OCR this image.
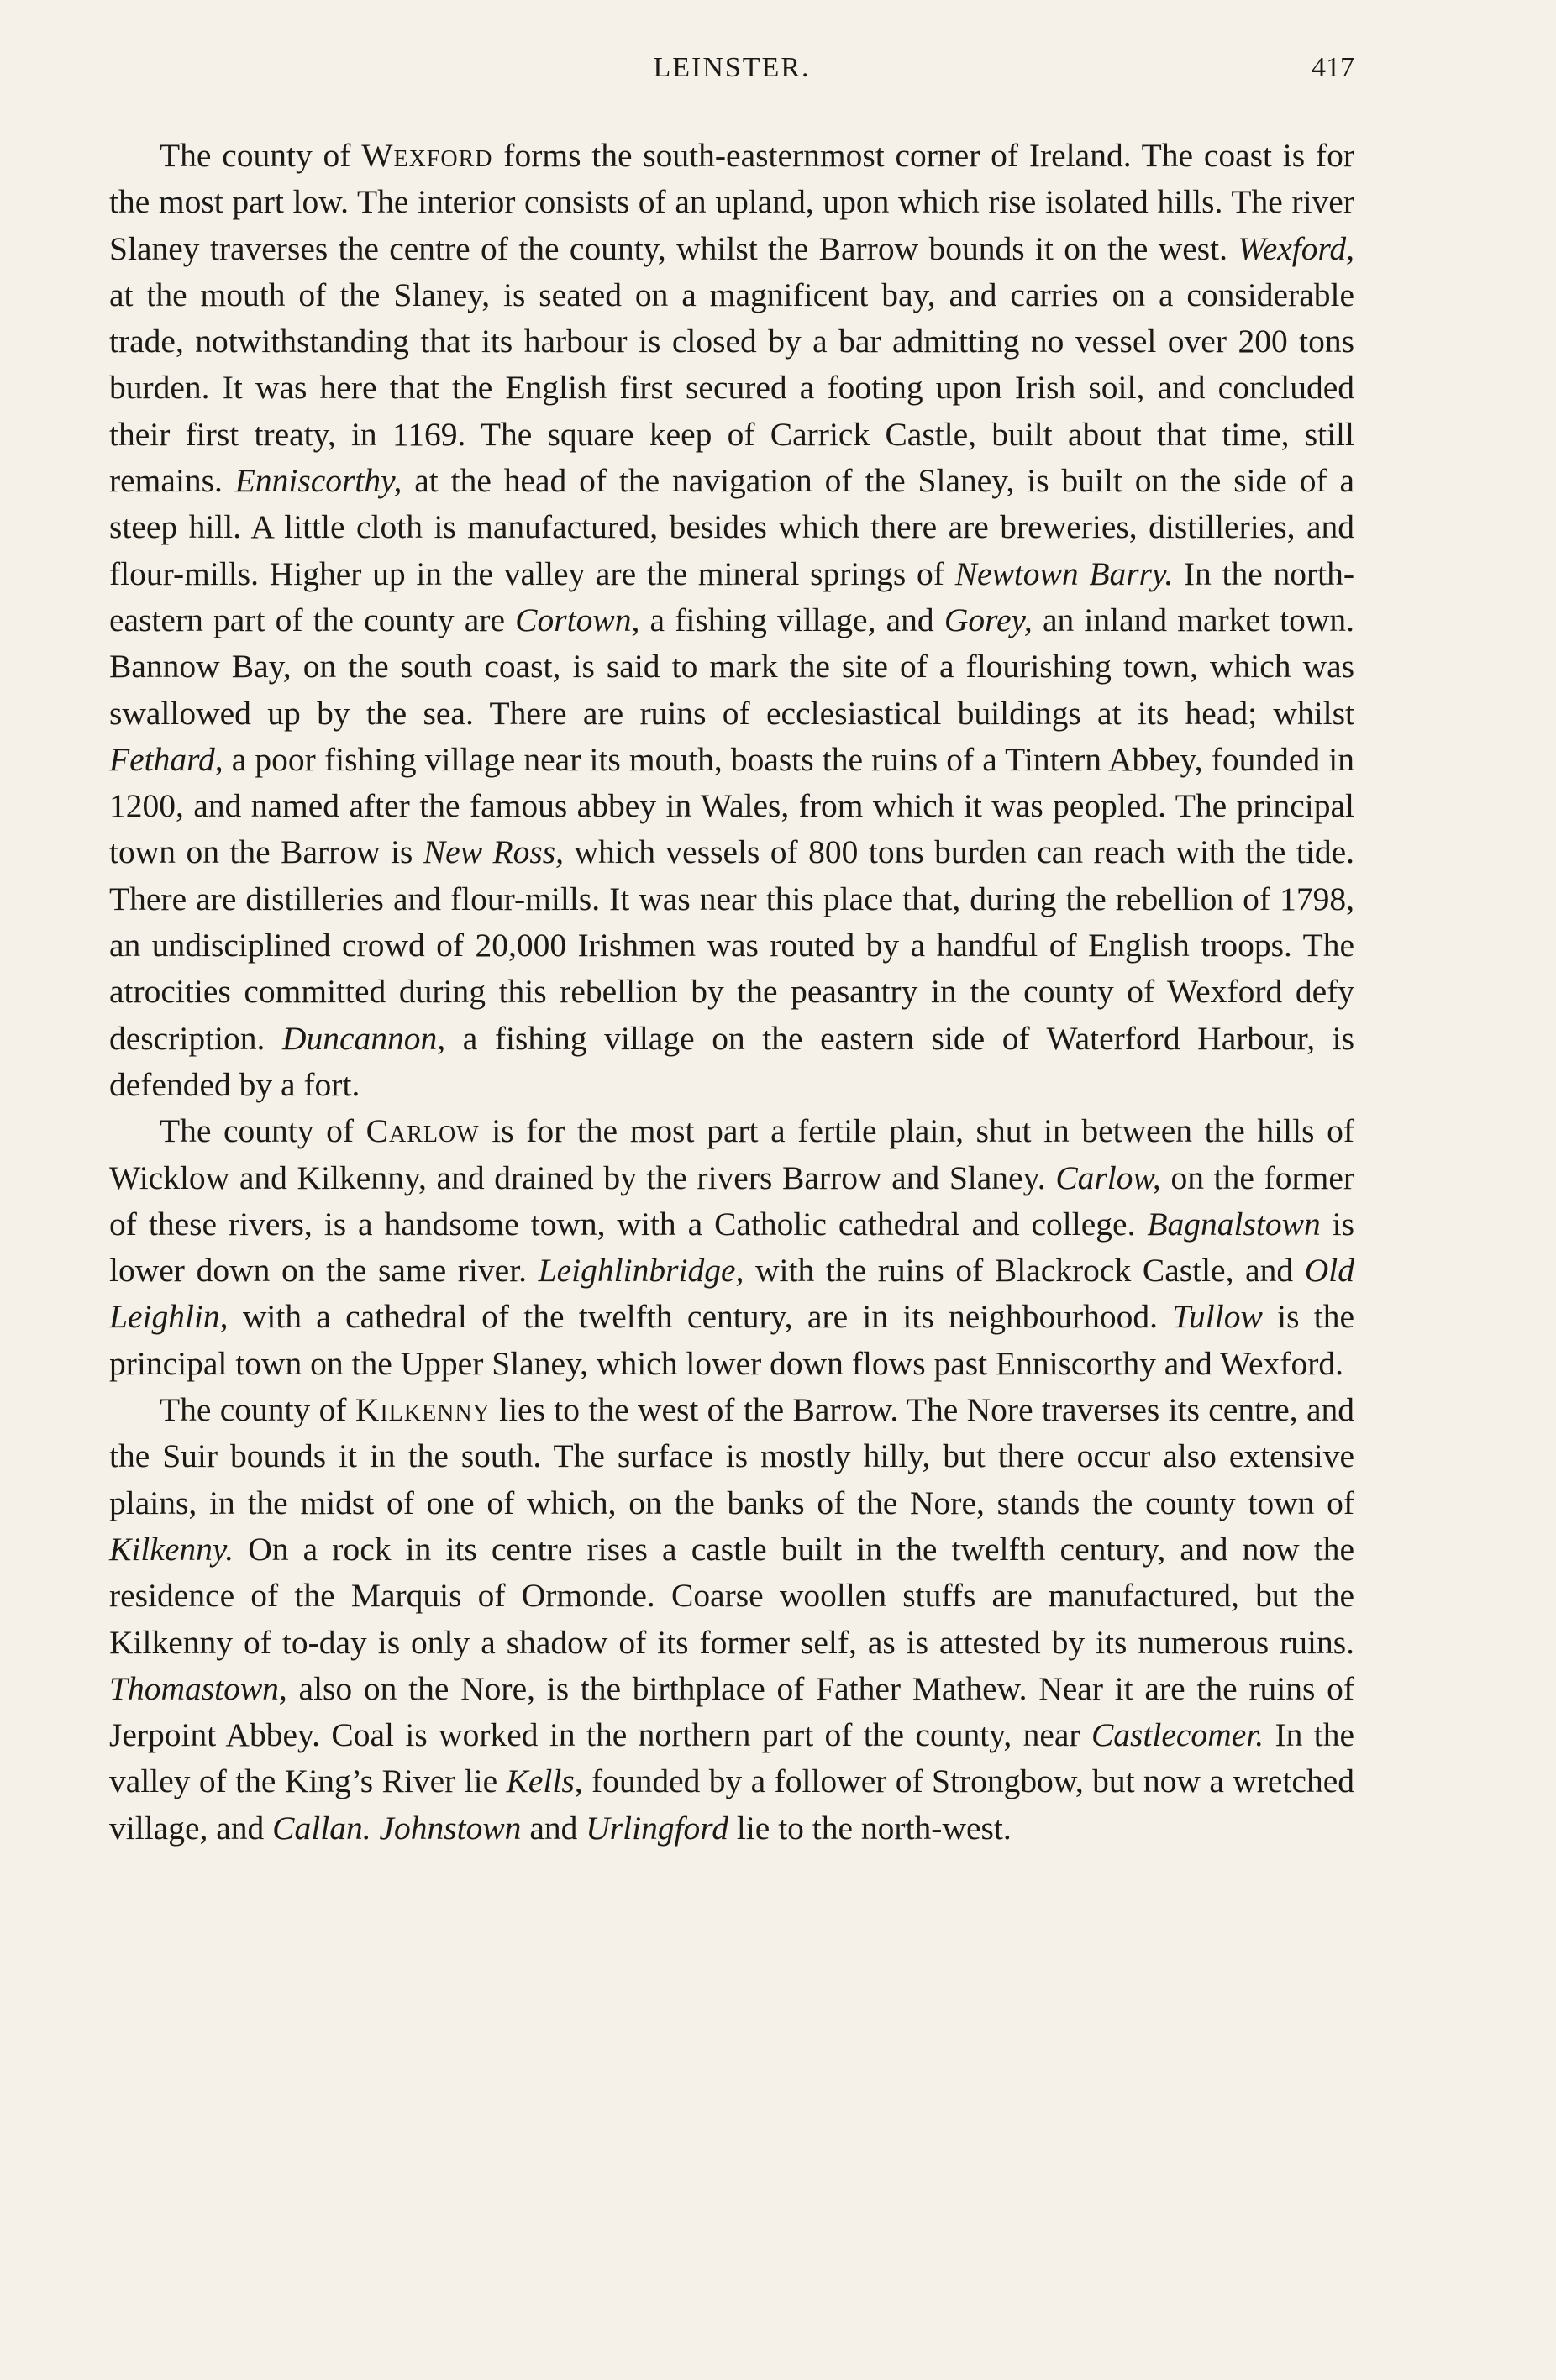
LEINSTER.	417

The county of Wexford forms the south-easternmost corner of Ireland. The coast is for the most part low. The interior consists of an upland, upon which rise isolated hills. The river Slaney traverses the centre of the county, whilst the Barrow bounds it on the west. Wexford, at the mouth of the Slaney, is seated on a magnificent bay, and carries on a considerable trade, notwithstanding that its harbour is closed by a bar admitting no vessel over 200 tons burden. It was here that the English first secured a footing upon Irish soil, and concluded their first treaty, in 1169. The square keep of Carrick Castle, built about that time, still remains. Enniscorthy, at the head of the navigation of the Slaney, is built on the side of a steep hill. A little cloth is manufactured, besides which there are breweries, distilleries, and flour-mills. Higher up in the valley are the mineral springs of Newtown Barry. In the north-eastern part of the county are Cortown, a fishing village, and Gorey, an inland market town. Bannow Bay, on the south coast, is said to mark the site of a flourishing town, which was swallowed up by the sea. There are ruins of ecclesiastical buildings at its head; whilst Fethard, a poor fishing village near its mouth, boasts the ruins of a Tintern Abbey, founded in 1200, and named after the famous abbey in Wales, from which it was peopled. The principal town on the Barrow is New Ross, which vessels of 800 tons burden can reach with the tide. There are distilleries and flour-mills. It was near this place that, during the rebellion of 1798, an undisciplined crowd of 20,000 Irishmen was routed by a handful of English troops. The atrocities committed during this rebellion by the peasantry in the county of Wexford defy description. Duncannon, a fishing village on the eastern side of Waterford Harbour, is defended by a fort.

The county of Carlow is for the most part a fertile plain, shut in between the hills of Wicklow and Kilkenny, and drained by the rivers Barrow and Slaney. Carlow, on the former of these rivers, is a handsome town, with a Catholic cathedral and college. Bagnalstown is lower down on the same river. Leighlinbridge, with the ruins of Blackrock Castle, and Old Leighlin, with a cathedral of the twelfth century, are in its neighbourhood. Tullow is the principal town on the Upper Slaney, which lower down flows past Enniscorthy and Wexford.

The county of Kilkenny lies to the west of the Barrow. The Nore traverses its centre, and the Suir bounds it in the south. The surface is mostly hilly, but there occur also extensive plains, in the midst of one of which, on the banks of the Nore, stands the county town of Kilkenny. On a rock in its centre rises a castle built in the twelfth century, and now the residence of the Marquis of Ormonde. Coarse woollen stuffs are manufactured, but the Kilkenny of to-day is only a shadow of its former self, as is attested by its numerous ruins. Thomastown, also on the Nore, is the birthplace of Father Mathew. Near it are the ruins of Jerpoint Abbey. Coal is worked in the northern part of the county, near Castlecomer. In the valley of the King’s River lie Kells, founded by a follower of Strongbow, but now a wretched village, and Callan. Johnstown and Urlingford lie to the north-west.
